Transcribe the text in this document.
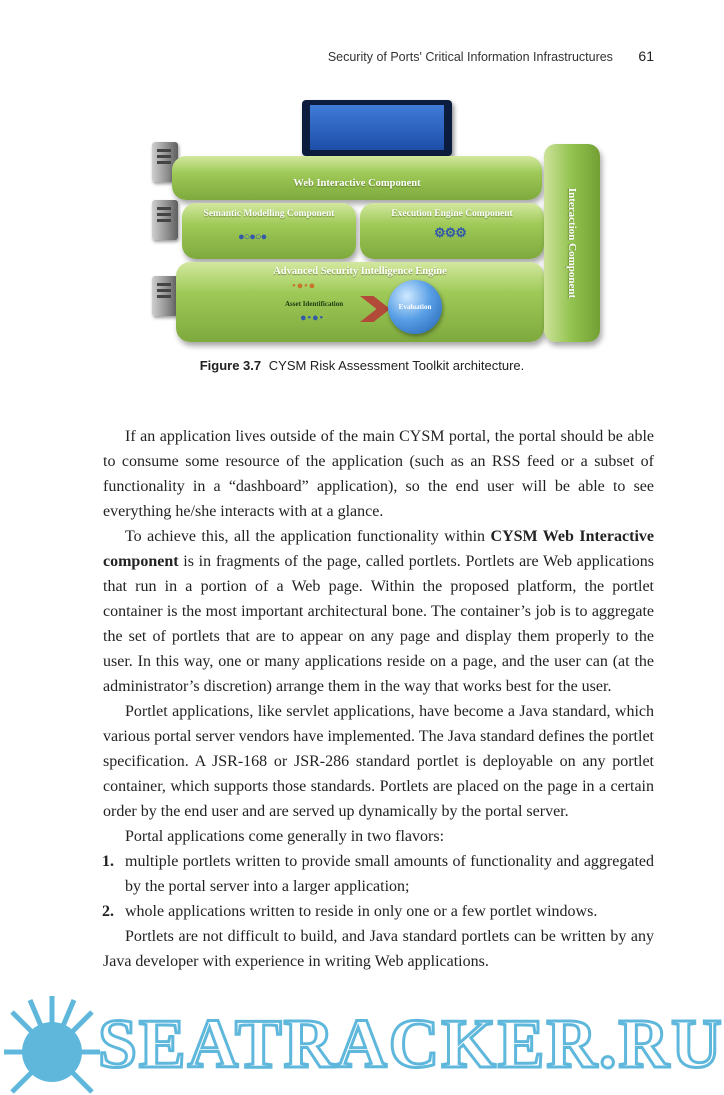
Security of Ports' Critical Information Infrastructures 61
Web Interactive Component
Semantic Modelling Component
●○●○●
Execution Engine Component
⚙⚙⚙
Advanced Security Intelligence Engine
Asset Identification
• ● • ●
● • ● •
Evaluation
Interaction Component
Figure 3.7 CYSM Risk Assessment Toolkit architecture.

If an application lives outside of the main CYSM portal, the portal should be able to consume some resource of the application (such as an RSS feed or a subset of functionality in a “dashboard” application), so the end user will be able to see everything he/she interacts with at a glance.

To achieve this, all the application functionality within CYSM Web Interactive component is in fragments of the page, called portlets. Portlets are Web applications that run in a portion of a Web page. Within the proposed platform, the portlet container is the most important architectural bone. The container’s job is to aggregate the set of portlets that are to appear on any page and display them properly to the user. In this way, one or many applications reside on a page, and the user can (at the administrator’s discretion) arrange them in the way that works best for the user.

Portlet applications, like servlet applications, have become a Java standard, which various portal server vendors have implemented. The Java standard defines the portlet specification. A JSR-168 or JSR-286 standard portlet is deployable on any portlet container, which supports those standards. Portlets are placed on the page in a certain order by the end user and are served up dynamically by the portal server.

Portal applications come generally in two flavors:

1. multiple portlets written to provide small amounts of functionality and aggregated by the portal server into a larger application;
2. whole applications written to reside in only one or a few portlet windows.

Portlets are not difficult to build, and Java standard portlets can be written by any Java developer with experience in writing Web applications.

SEATRACKER.RU
